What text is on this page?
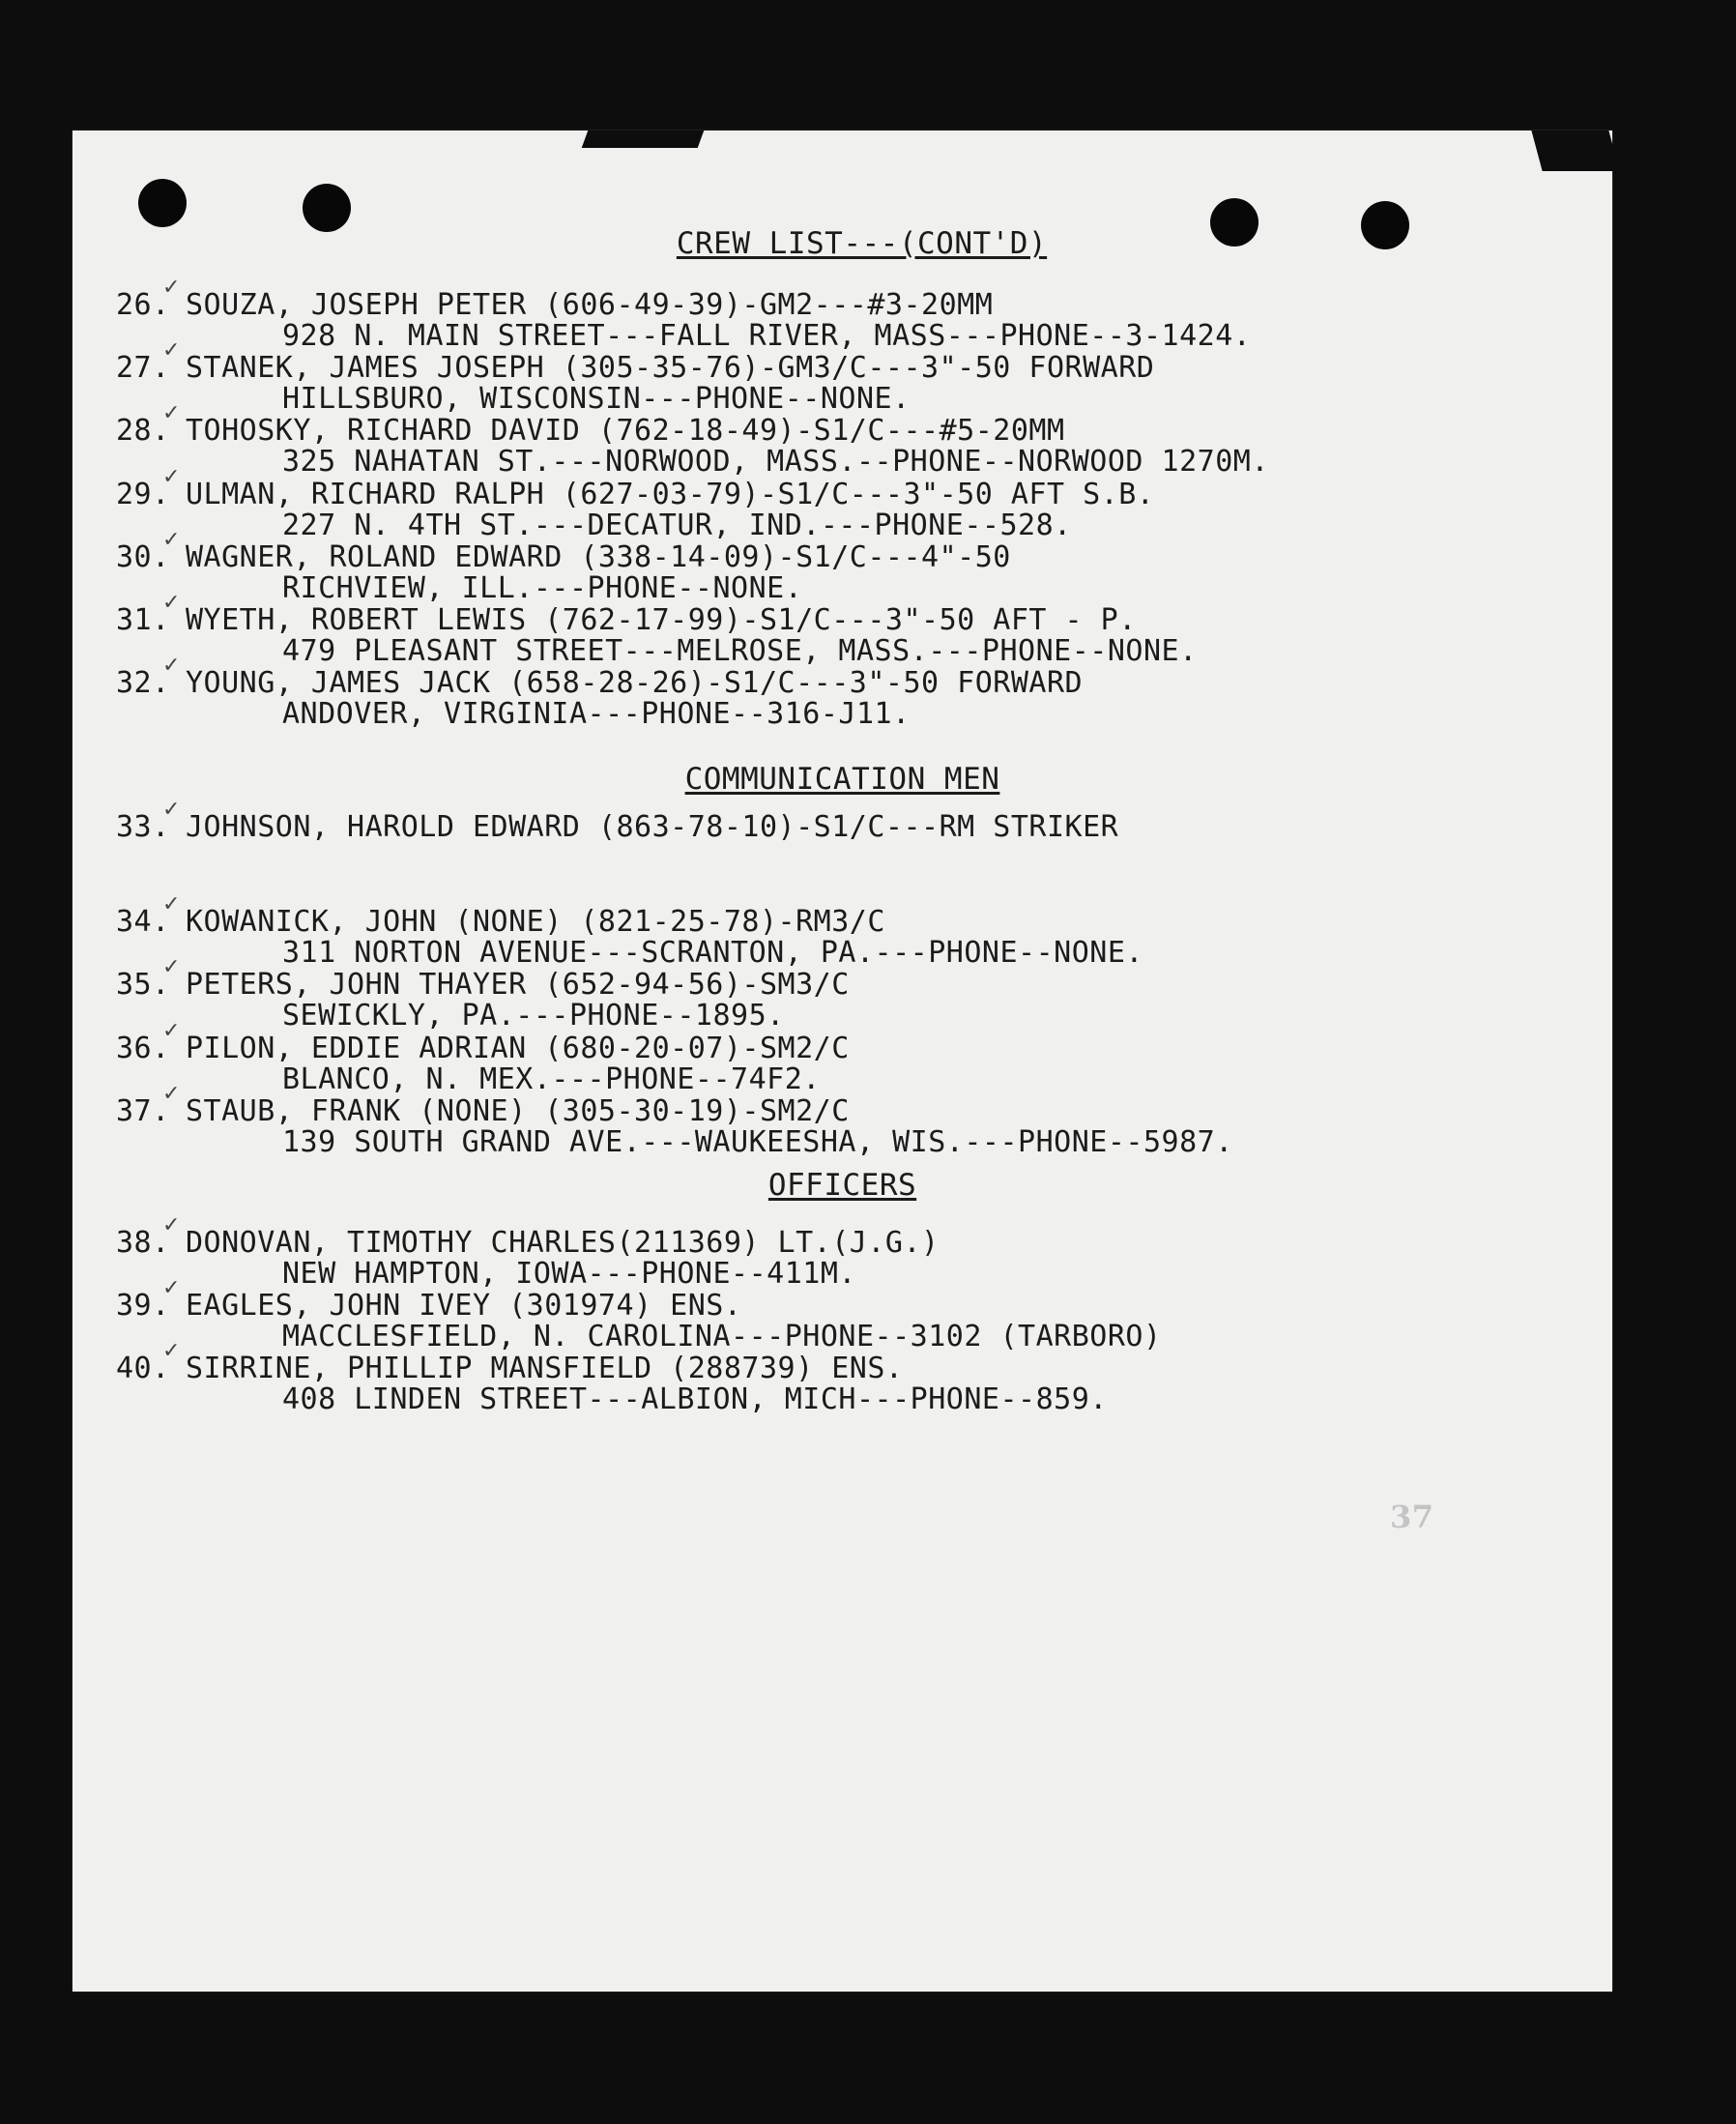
CREW LIST---(CONT'D)
✓
26. SOUZA, JOSEPH PETER (606-49-39)-GM2---#3-20MM
928 N. MAIN STREET---FALL RIVER, MASS---PHONE--3-1424.
✓
27. STANEK, JAMES JOSEPH (305-35-76)-GM3/C---3"-50 FORWARD
HILLSBURO, WISCONSIN---PHONE--NONE.
✓
28. TOHOSKY, RICHARD DAVID (762-18-49)-S1/C---#5-20MM
325 NAHATAN ST.---NORWOOD, MASS.--PHONE--NORWOOD 1270M.
✓
29. ULMAN, RICHARD RALPH (627-03-79)-S1/C---3"-50 AFT S.B.
227 N. 4TH ST.---DECATUR, IND.---PHONE--528.
✓
30. WAGNER, ROLAND EDWARD (338-14-09)-S1/C---4"-50
RICHVIEW, ILL.---PHONE--NONE.
✓
31. WYETH, ROBERT LEWIS (762-17-99)-S1/C---3"-50 AFT - P.
479 PLEASANT STREET---MELROSE, MASS.---PHONE--NONE.
✓
32. YOUNG, JAMES JACK (658-28-26)-S1/C---3"-50 FORWARD
ANDOVER, VIRGINIA---PHONE--316-J11.
COMMUNICATION MEN
✓
33. JOHNSON, HAROLD EDWARD (863-78-10)-S1/C---RM STRIKER
✓
34. KOWANICK, JOHN (NONE) (821-25-78)-RM3/C
311 NORTON AVENUE---SCRANTON, PA.---PHONE--NONE.
✓
35. PETERS, JOHN THAYER (652-94-56)-SM3/C
SEWICKLY, PA.---PHONE--1895.
✓
36. PILON, EDDIE ADRIAN (680-20-07)-SM2/C
BLANCO, N. MEX.---PHONE--74F2.
✓
37. STAUB, FRANK (NONE) (305-30-19)-SM2/C
139 SOUTH GRAND AVE.---WAUKEESHA, WIS.---PHONE--5987.
OFFICERS
✓
38. DONOVAN, TIMOTHY CHARLES(211369) LT.(J.G.)
NEW HAMPTON, IOWA---PHONE--411M.
✓
39. EAGLES, JOHN IVEY (301974) ENS.
MACCLESFIELD, N. CAROLINA---PHONE--3102 (TARBORO)
✓
40. SIRRINE, PHILLIP MANSFIELD (288739) ENS.
408 LINDEN STREET---ALBION, MICH---PHONE--859.
37
